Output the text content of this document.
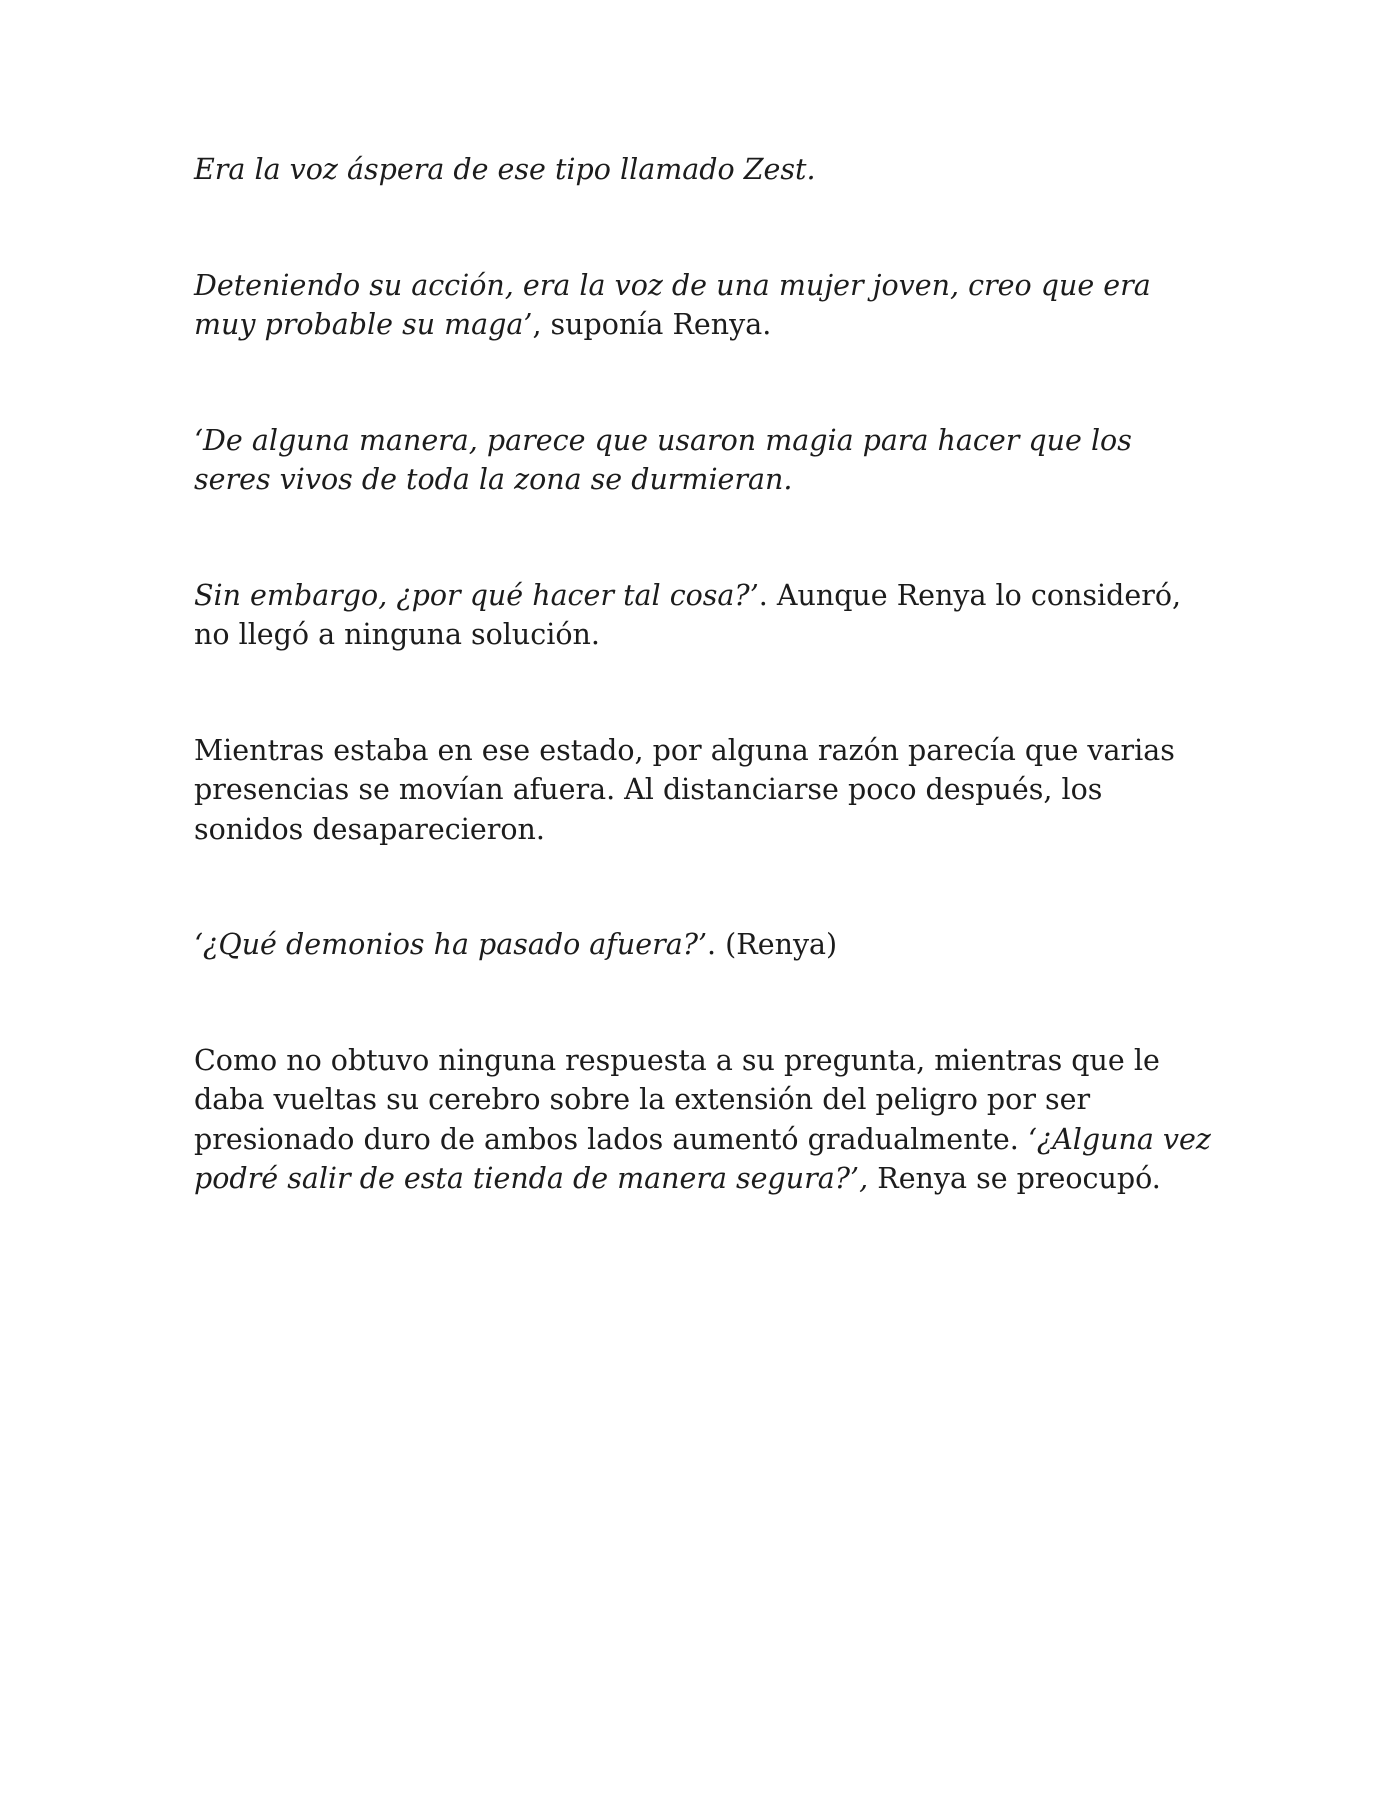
Era la voz áspera de ese tipo llamado Zest.

Deteniendo su acción, era la voz de una mujer joven, creo que era muy probable su maga’, suponía Renya.

‘De alguna manera, parece que usaron magia para hacer que los seres vivos de toda la zona se durmieran.

Sin embargo, ¿por qué hacer tal cosa?’. Aunque Renya lo consideró, no llegó a ninguna solución.

Mientras estaba en ese estado, por alguna razón parecía que varias presencias se movían afuera. Al distanciarse poco después, los sonidos desaparecieron.

‘¿Qué demonios ha pasado afuera?’. (Renya)

Como no obtuvo ninguna respuesta a su pregunta, mientras que le daba vueltas su cerebro sobre la extensión del peligro por ser presionado duro de ambos lados aumentó gradualmente. ‘¿Alguna vez podré salir de esta tienda de manera segura?’, Renya se preocupó.
